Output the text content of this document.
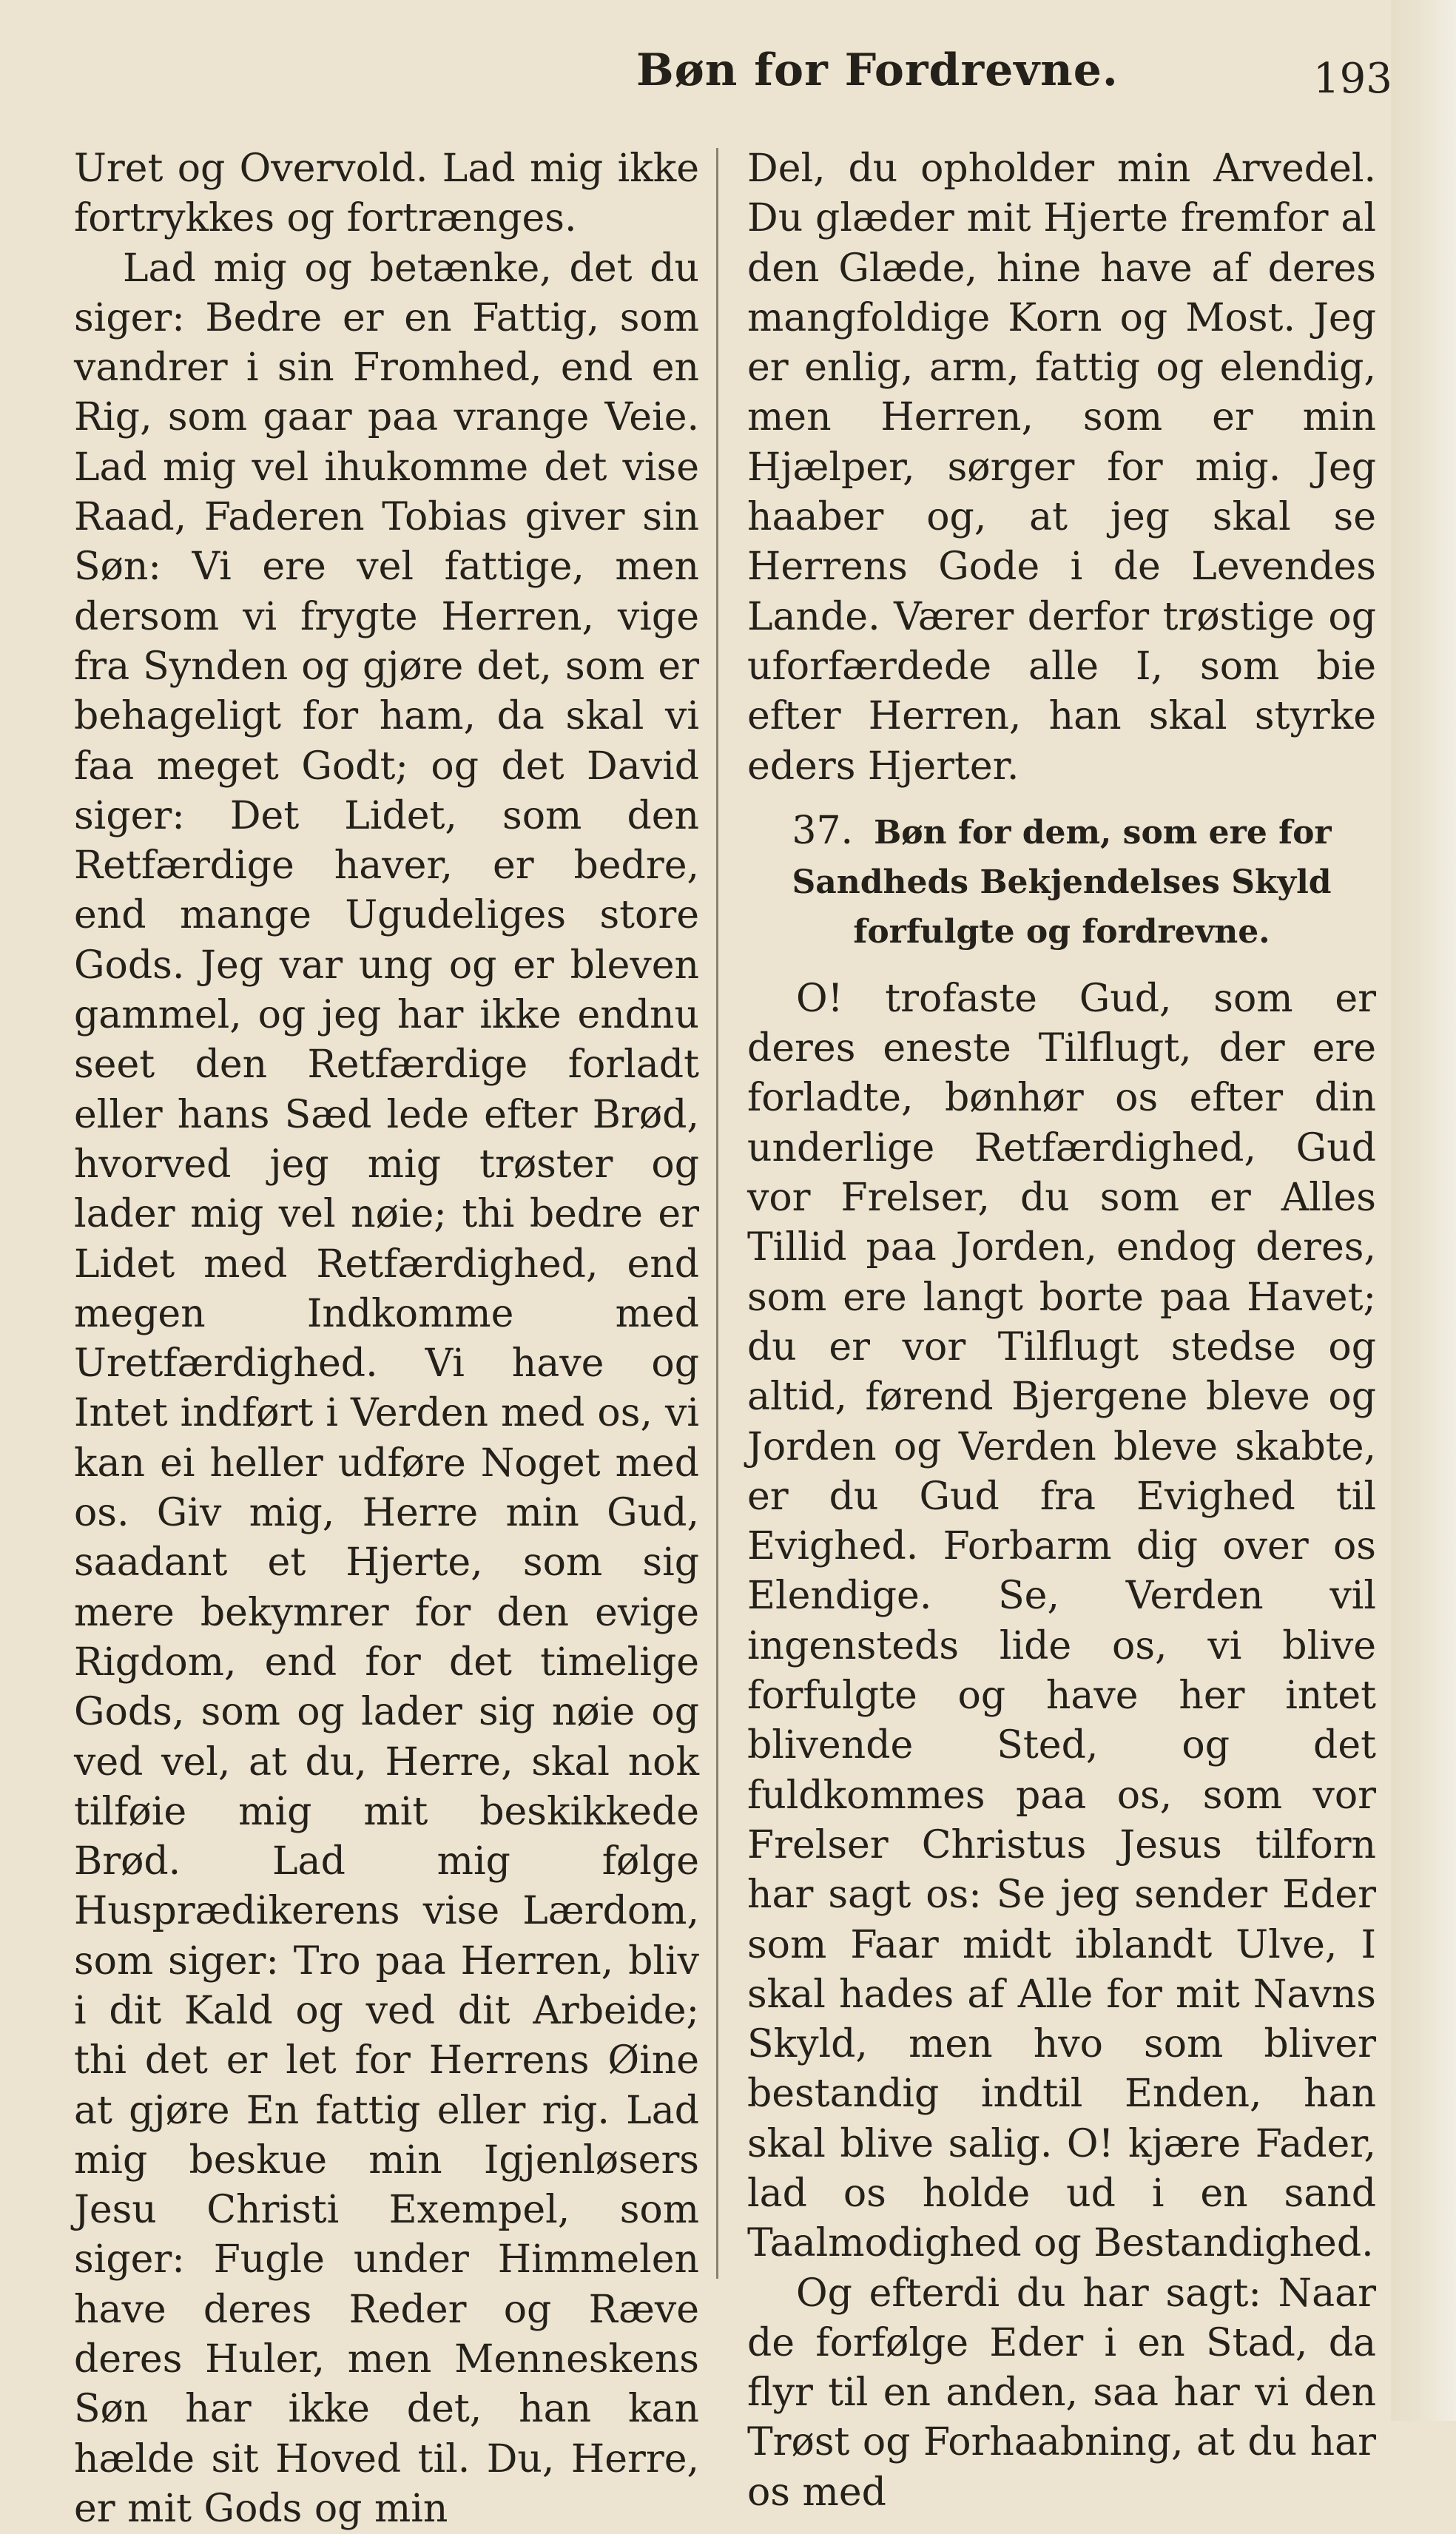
Bøn for Fordrevne.	193

Uret og Overvold. Lad mig ikke fortrykkes og fortrænges.

Lad mig og betænke, det du siger: Bedre er en Fattig, som vandrer i sin Fromhed, end en Rig, som gaar paa vrange Veie. Lad mig vel ihukomme det vise Raad, Faderen Tobias giver sin Søn: Vi ere vel fattige, men dersom vi frygte Herren, vige fra Synden og gjøre det, som er behageligt for ham, da skal vi faa meget Godt; og det David siger: Det Lidet, som den Retfærdige haver, er bedre, end mange Ugudeliges store Gods. Jeg var ung og er bleven gammel, og jeg har ikke endnu seet den Retfærdige forladt eller hans Sæd lede efter Brød, hvorved jeg mig trøster og lader mig vel nøie; thi bedre er Lidet med Retfærdighed, end megen Indkomme med Uretfærdighed. Vi have og Intet indført i Verden med os, vi kan ei heller udføre Noget med os. Giv mig, Herre min Gud, saadant et Hjerte, som sig mere bekymrer for den evige Rigdom, end for det timelige Gods, som og lader sig nøie og ved vel, at du, Herre, skal nok tilføie mig mit beskikkede Brød. Lad mig følge Husprædikerens vise Lærdom, som siger: Tro paa Herren, bliv i dit Kald og ved dit Arbeide; thi det er let for Herrens Øine at gjøre En fattig eller rig. Lad mig beskue min Igjenløsers Jesu Christi Exempel, som siger: Fugle under Himmelen have deres Reder og Ræve deres Huler, men Menneskens Søn har ikke det, han kan hælde sit Hoved til. Du, Herre, er mit Gods og min

Del, du opholder min Arvedel. Du glæder mit Hjerte fremfor al den Glæde, hine have af deres mangfoldige Korn og Most. Jeg er enlig, arm, fattig og elendig, men Herren, som er min Hjælper, sørger for mig. Jeg haaber og, at jeg skal se Herrens Gode i de Levendes Lande. Værer derfor trøstige og uforfærdede alle I, som bie efter Herren, han skal styrke eders Hjerter.

37. Bøn for dem, som ere for Sandheds Bekjendelses Skyld forfulgte og fordrevne.

O! trofaste Gud, som er deres eneste Tilflugt, der ere forladte, bønhør os efter din underlige Retfærdighed, Gud vor Frelser, du som er Alles Tillid paa Jorden, endog deres, som ere langt borte paa Havet; du er vor Tilflugt stedse og altid, førend Bjergene bleve og Jorden og Verden bleve skabte, er du Gud fra Evighed til Evighed. Forbarm dig over os Elendige. Se, Verden vil ingensteds lide os, vi blive forfulgte og have her intet blivende Sted, og det fuldkommes paa os, som vor Frelser Christus Jesus tilforn har sagt os: Se jeg sender Eder som Faar midt iblandt Ulve, I skal hades af Alle for mit Navns Skyld, men hvo som bliver bestandig indtil Enden, han skal blive salig. O! kjære Fader, lad os holde ud i en sand Taalmodighed og Bestandighed.

Og efterdi du har sagt: Naar de forfølge Eder i en Stad, da flyr til en anden, saa har vi den Trøst og Forhaabning, at du har os med
